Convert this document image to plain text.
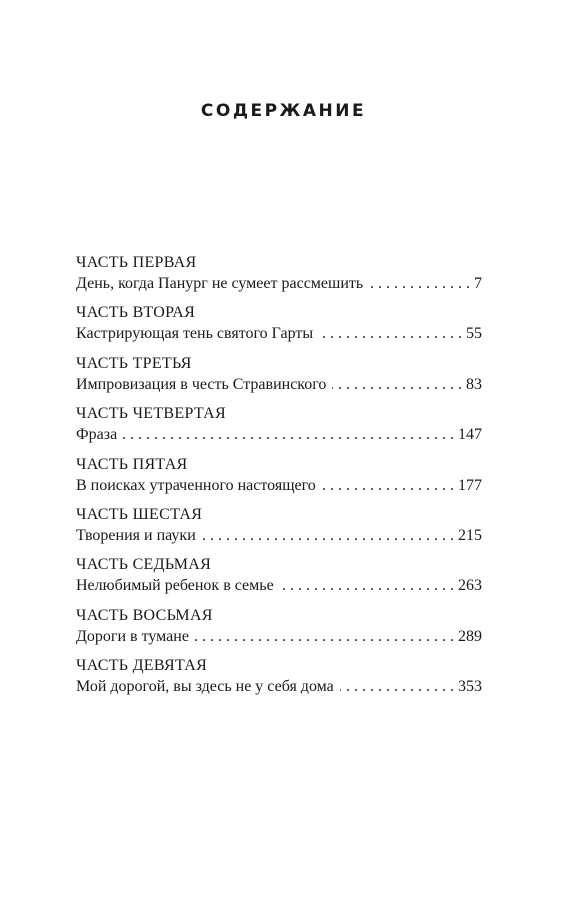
СОДЕРЖАНИЕ
ЧАСТЬ ПЕРВАЯ
День, когда Панург не сумеет рассмешить . . .	7
ЧАСТЬ ВТОРАЯ
Кастрирующая тень святого Гарты . . .	55
ЧАСТЬ ТРЕТЬЯ
Импровизация в честь Стравинского . . .	83
ЧАСТЬ ЧЕТВЕРТАЯ
Фраза . . .	147
ЧАСТЬ ПЯТАЯ
В поисках утраченного настоящего . . .	177
ЧАСТЬ ШЕСТАЯ
Творения и пауки . . .	215
ЧАСТЬ СЕДЬМАЯ
Нелюбимый ребенок в семье . . .	263
ЧАСТЬ ВОСЬМАЯ
Дороги в тумане . . .	289
ЧАСТЬ ДЕВЯТАЯ
Мой дорогой, вы здесь не у себя дома . . .	353
